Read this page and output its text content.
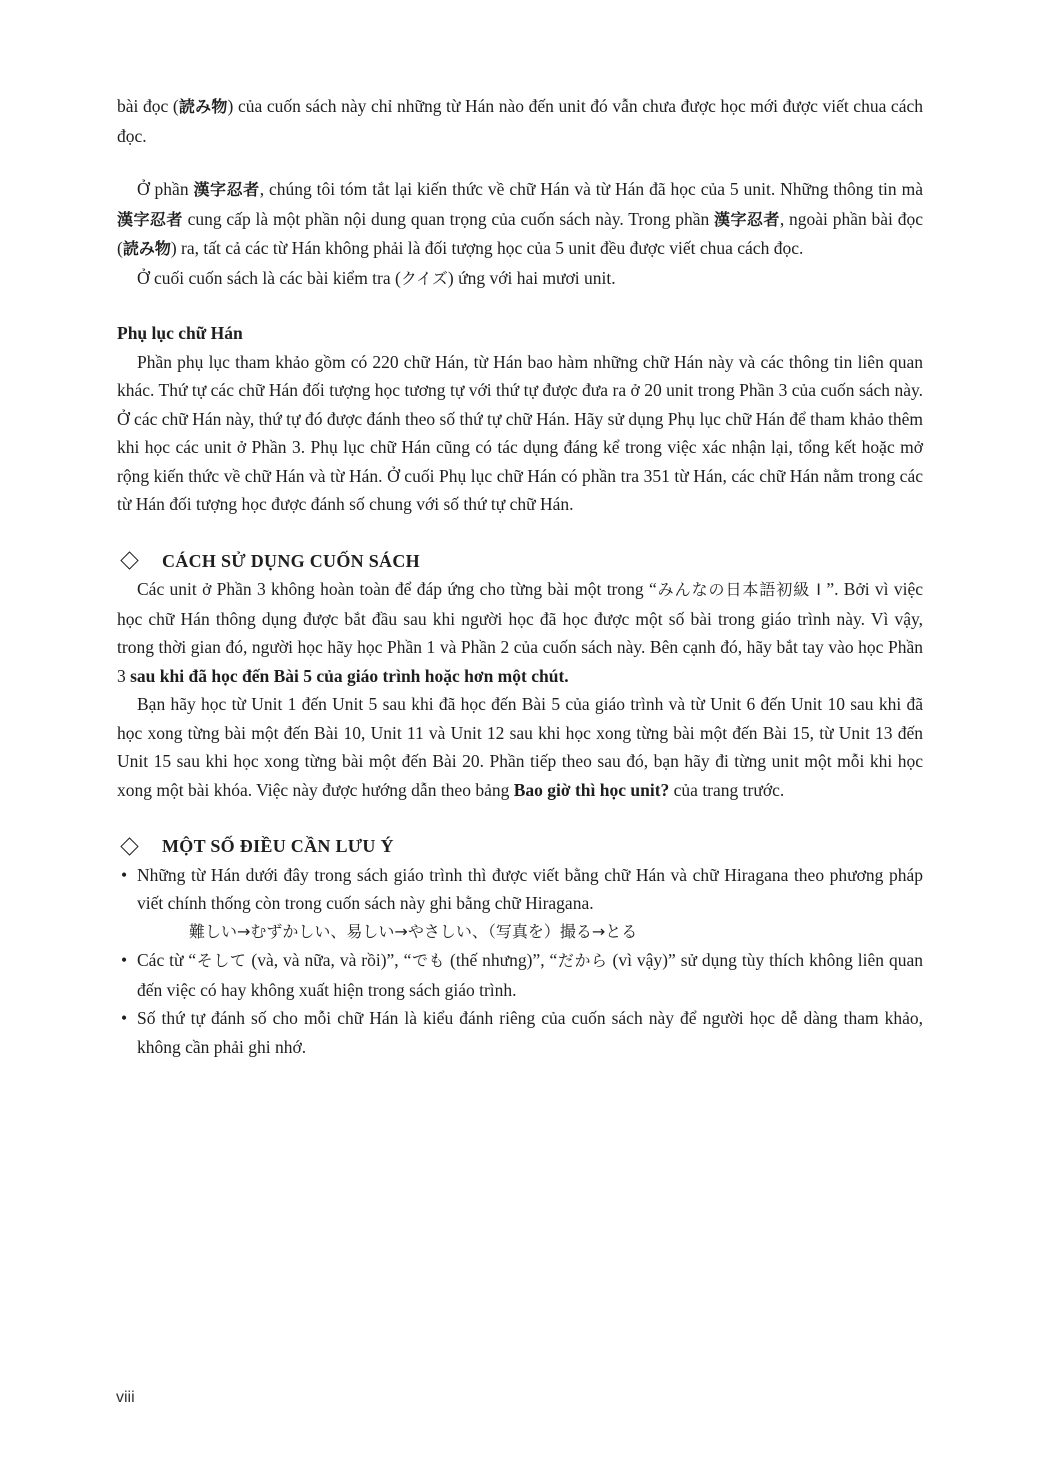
bài đọc (読み物) của cuốn sách này chỉ những từ Hán nào đến unit đó vẫn chưa được học mới được viết chua cách đọc.

Ở phần 漢字忍者, chúng tôi tóm tắt lại kiến thức về chữ Hán và từ Hán đã học của 5 unit. Những thông tin mà 漢字忍者 cung cấp là một phần nội dung quan trọng của cuốn sách này. Trong phần 漢字忍者, ngoài phần bài đọc (読み物) ra, tất cả các từ Hán không phải là đối tượng học của 5 unit đều được viết chua cách đọc.

Ở cuối cuốn sách là các bài kiểm tra (クイズ) ứng với hai mươi unit.

Phụ lục chữ Hán

Phần phụ lục tham khảo gồm có 220 chữ Hán, từ Hán bao hàm những chữ Hán này và các thông tin liên quan khác. Thứ tự các chữ Hán đối tượng học tương tự với thứ tự được đưa ra ở 20 unit trong Phần 3 của cuốn sách này. Ở các chữ Hán này, thứ tự đó được đánh theo số thứ tự chữ Hán. Hãy sử dụng Phụ lục chữ Hán để tham khảo thêm khi học các unit ở Phần 3. Phụ lục chữ Hán cũng có tác dụng đáng kể trong việc xác nhận lại, tổng kết hoặc mở rộng kiến thức về chữ Hán và từ Hán. Ở cuối Phụ lục chữ Hán có phần tra 351 từ Hán, các chữ Hán nằm trong các từ Hán đối tượng học được đánh số chung với số thứ tự chữ Hán.

CÁCH SỬ DỤNG CUỐN SÁCH

Các unit ở Phần 3 không hoàn toàn để đáp ứng cho từng bài một trong “みんなの日本語初級 I ”. Bởi vì việc học chữ Hán thông dụng được bắt đầu sau khi người học đã học được một số bài trong giáo trình này. Vì vậy, trong thời gian đó, người học hãy học Phần 1 và Phần 2 của cuốn sách này. Bên cạnh đó, hãy bắt tay vào học Phần 3 sau khi đã học đến Bài 5 của giáo trình hoặc hơn một chút.

Bạn hãy học từ Unit 1 đến Unit 5 sau khi đã học đến Bài 5 của giáo trình và từ Unit 6 đến Unit 10 sau khi đã học xong từng bài một đến Bài 10, Unit 11 và Unit 12 sau khi học xong từng bài một đến Bài 15, từ Unit 13 đến Unit 15 sau khi học xong từng bài một đến Bài 20. Phần tiếp theo sau đó, bạn hãy đi từng unit một mỗi khi học xong một bài khóa. Việc này được hướng dẫn theo bảng Bao giờ thì học unit? của trang trước.

MỘT SỐ ĐIỀU CẦN LƯU Ý

• Những từ Hán dưới đây trong sách giáo trình thì được viết bằng chữ Hán và chữ Hiragana theo phương pháp viết chính thống còn trong cuốn sách này ghi bằng chữ Hiragana.

難しい→むずかしい、易しい→やさしい、（写真を）撮る→とる

• Các từ “そして (và, và nữa, và rồi)”, “でも (thế nhưng)”, “だから (vì vậy)” sử dụng tùy thích không liên quan đến việc có hay không xuất hiện trong sách giáo trình.

• Số thứ tự đánh số cho mỗi chữ Hán là kiểu đánh riêng của cuốn sách này để người học dễ dàng tham khảo, không cần phải ghi nhớ.

viii
